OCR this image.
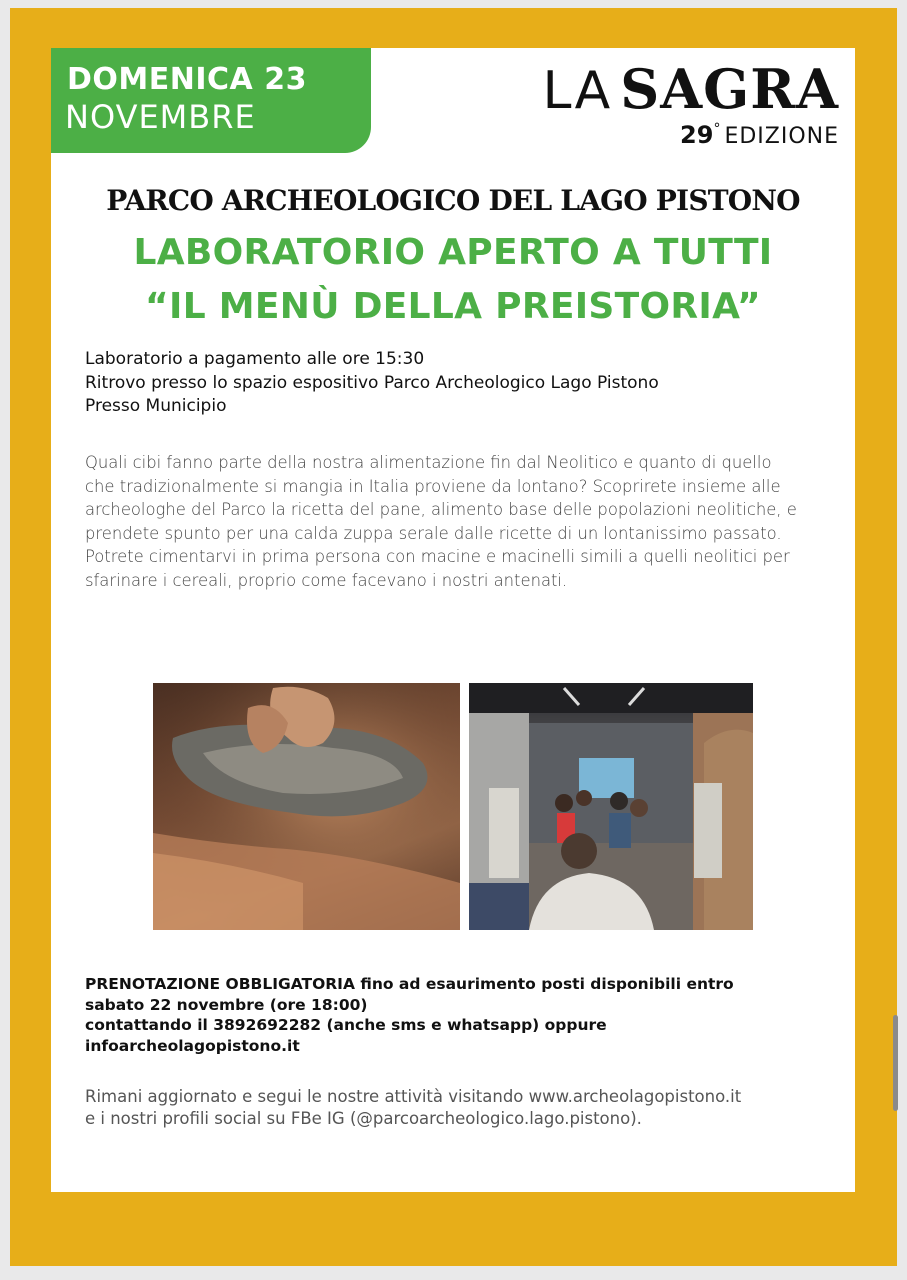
DOMENICA 23
NOVEMBRE	LA SAGRA
29° EDIZIONE
PARCO ARCHEOLOGICO DEL LAGO PISTONO
LABORATORIO APERTO A TUTTI
“IL MENÙ DELLA PREISTORIA”
Laboratorio a pagamento alle ore 15:30
Ritrovo presso lo spazio espositivo Parco Archeologico Lago Pistono
Presso Municipio
Quali cibi fanno parte della nostra alimentazione fin dal Neolitico e quanto di quello che tradizionalmente si mangia in Italia proviene da lontano? Scoprirete insieme alle archeologhe del Parco la ricetta del pane, alimento base delle popolazioni neolitiche, e prendete spunto per una calda zuppa serale dalle ricette di un lontanissimo passato. Potrete cimentarvi in prima persona con macine e macinelli simili a quelli neolitici per sfarinare i cereali, proprio come facevano i nostri antenati.
PRENOTAZIONE OBBLIGATORIA fino ad esaurimento posti disponibili entro
sabato 22 novembre (ore 18:00)
contattando il 3892692282 (anche sms e whatsapp) oppure
infoarcheolagopistono.it
Rimani aggiornato e segui le nostre attività visitando www.archeolagopistono.it
e i nostri profili social su FBe IG (@parcoarcheologico.lago.pistono).
